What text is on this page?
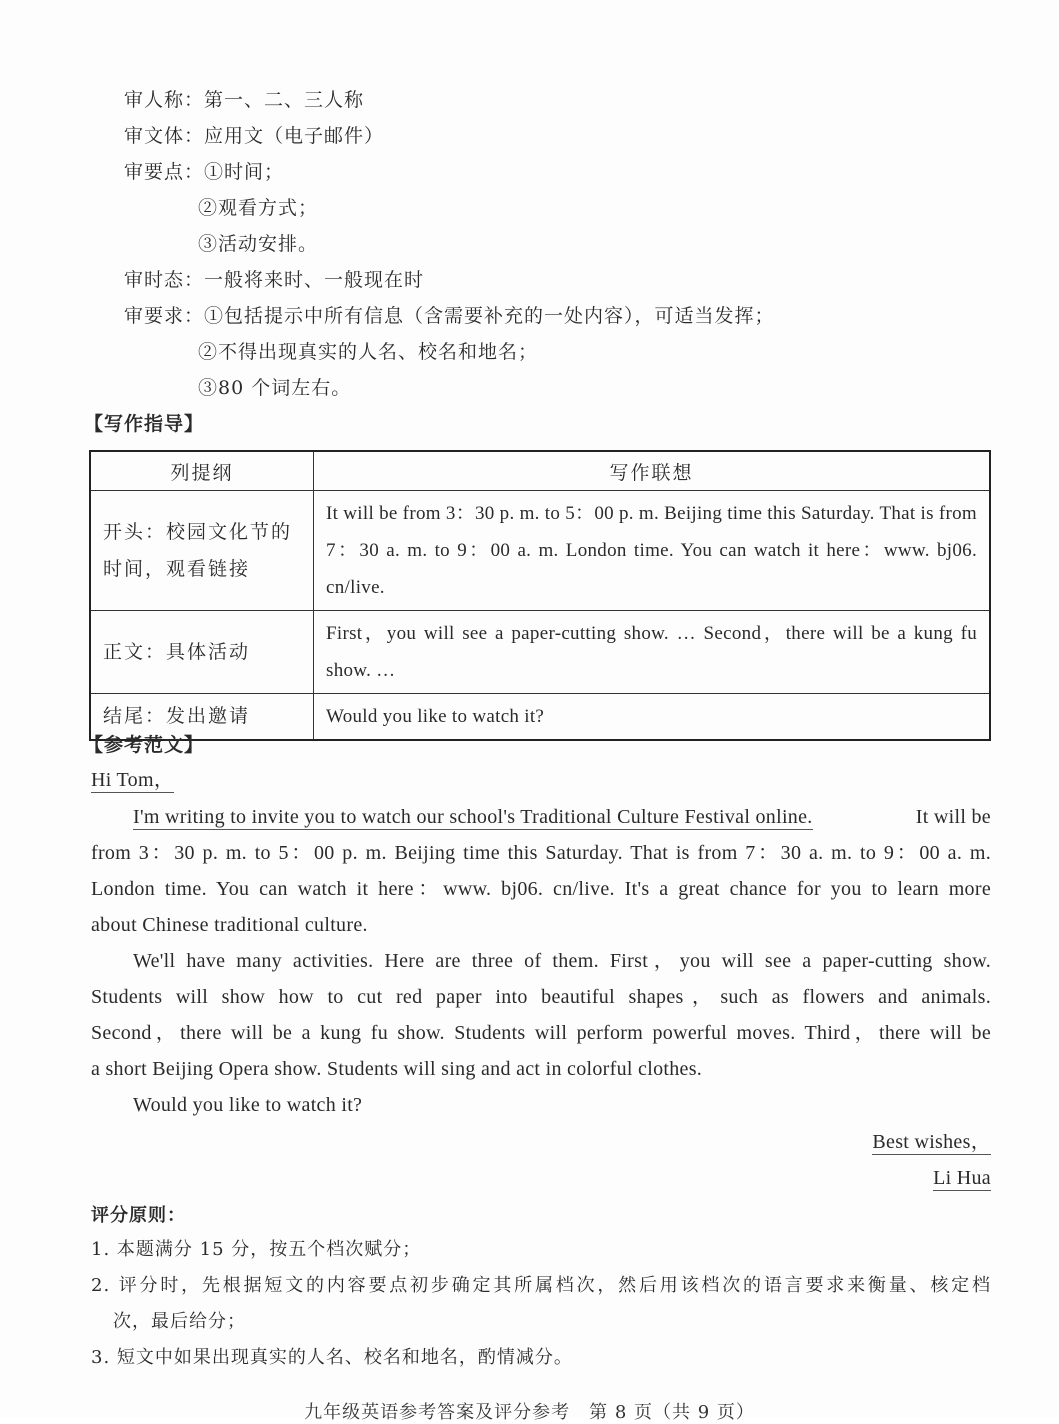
审人称：第一、二、三人称
审文体：应用文（电子邮件）
审要点：①时间；
②观看方式；
③活动安排。
审时态：一般将来时、一般现在时
审要求：①包括提示中所有信息（含需要补充的一处内容），可适当发挥；
②不得出现真实的人名、校名和地名；
③80 个词左右。
【写作指导】
列提纲	写作联想
开头：校园文化节的时间，观看链接	It will be from 3：30 p. m. to 5：00 p. m. Beijing time this Saturday. That is from 7：30 a. m. to 9：00 a. m. London time. You can watch it here：www. bj06. cn/live.
正文：具体活动	First，you will see a paper-cutting show. … Second，there will be a kung fu show. …
结尾：发出邀请	Would you like to watch it?
【参考范文】
Hi Tom，
I'm writing to invite you to watch our school's Traditional Culture Festival online.	It will be
from 3：30 p. m. to 5：00 p. m. Beijing time this Saturday. That is from 7：30 a. m. to 9：00 a. m.
London time. You can watch it here：www. bj06. cn/live. It's a great chance for you to learn more
about Chinese traditional culture.
We'll have many activities. Here are three of them. First，you will see a paper-cutting show.
Students will show how to cut red paper into beautiful shapes，such as flowers and animals.
Second，there will be a kung fu show. Students will perform powerful moves. Third，there will be
a short Beijing Opera show. Students will sing and act in colorful clothes.
Would you like to watch it?
Best wishes，
Li Hua
评分原则：
1. 本题满分 15 分，按五个档次赋分；
2. 评分时，先根据短文的内容要点初步确定其所属档次，然后用该档次的语言要求来衡量、核定档
次，最后给分；
3. 短文中如果出现真实的人名、校名和地名，酌情减分。
九年级英语参考答案及评分参考　第 8 页（共 9 页）
